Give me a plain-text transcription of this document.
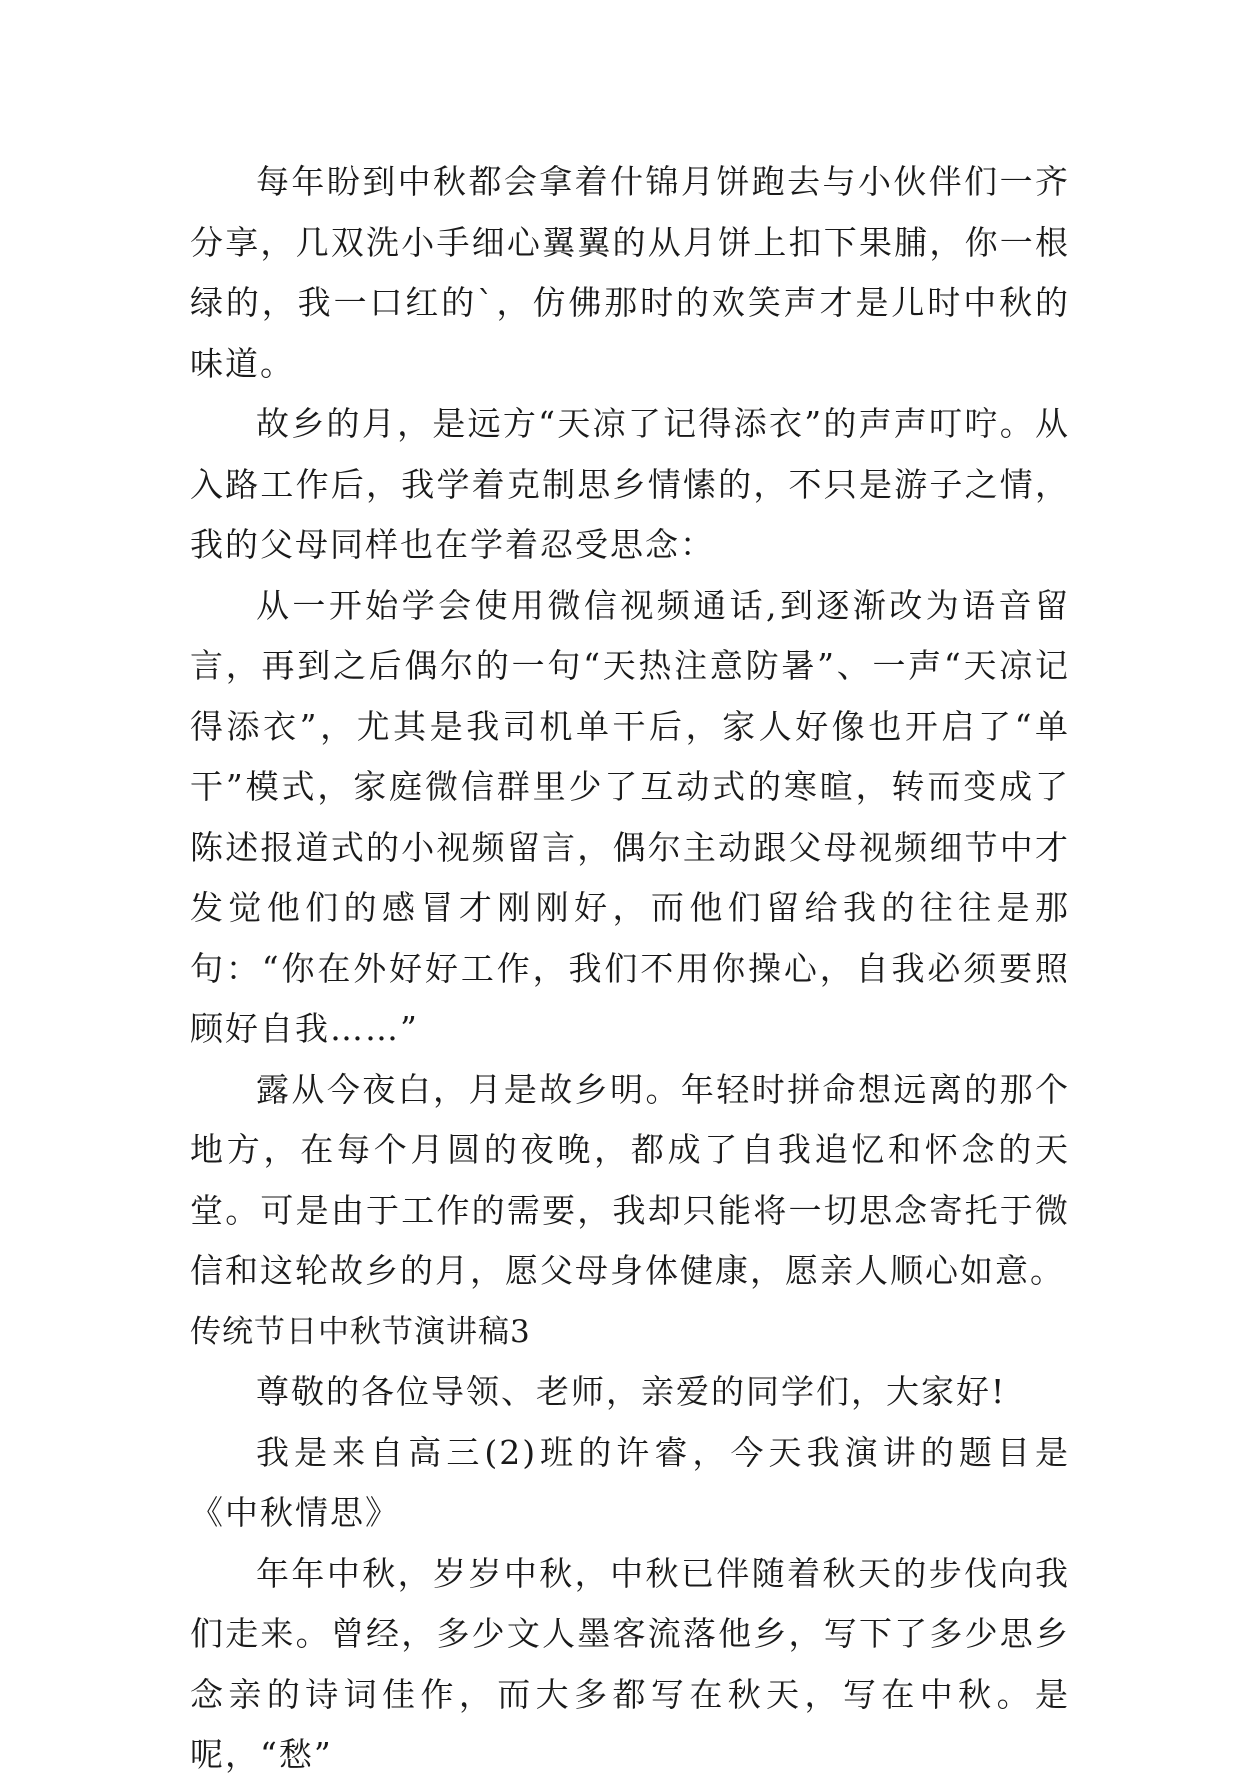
每年盼到中秋都会拿着什锦月饼跑去与小伙伴们一齐分享，几双洗小手细心翼翼的从月饼上扣下果脯，你一根绿的，我一口红的`，仿佛那时的欢笑声才是儿时中秋的味道。

故乡的月，是远方“天凉了记得添衣”的声声叮咛。从入路工作后，我学着克制思乡情愫的，不只是游子之情，我的父母同样也在学着忍受思念：

从一开始学会使用微信视频通话,到逐渐改为语音留言，再到之后偶尔的一句“天热注意防暑”、一声“天凉记得添衣”，尤其是我司机单干后，家人好像也开启了“单干”模式，家庭微信群里少了互动式的寒暄，转而变成了陈述报道式的小视频留言，偶尔主动跟父母视频细节中才发觉他们的感冒才刚刚好，而他们留给我的往往是那句：“你在外好好工作，我们不用你操心，自我必须要照顾好自我……”

露从今夜白，月是故乡明。年轻时拼命想远离的那个地方，在每个月圆的夜晚，都成了自我追忆和怀念的天堂。可是由于工作的需要，我却只能将一切思念寄托于微信和这轮故乡的月，愿父母身体健康，愿亲人顺心如意。

传统节日中秋节演讲稿3

尊敬的各位导领、老师，亲爱的同学们，大家好!

我是来自高三(2)班的许睿，今天我演讲的题目是《中秋情思》

年年中秋，岁岁中秋，中秋已伴随着秋天的步伐向我们走来。曾经，多少文人墨客流落他乡，写下了多少思乡念亲的诗词佳作，而大多都写在秋天，写在中秋。是呢，“愁”
